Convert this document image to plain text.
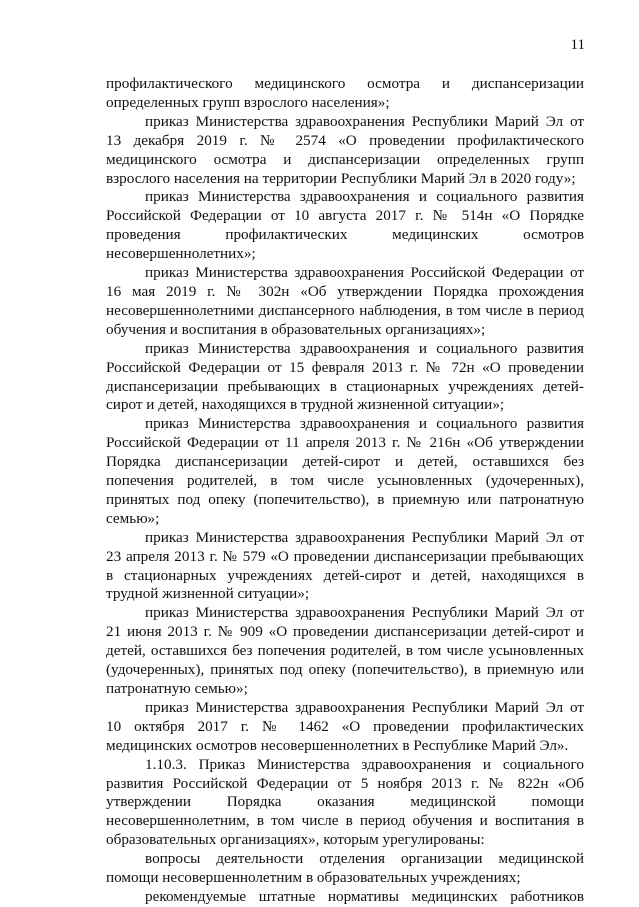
11

профилактического медицинского осмотра и диспансеризации определенных групп взрослого населения»;

приказ Министерства здравоохранения Республики Марий Эл от 13 декабря 2019 г. № 2574 «О проведении профилактического медицинского осмотра и диспансеризации определенных групп взрослого населения на территории Республики Марий Эл в 2020 году»;

приказ Министерства здравоохранения и социального развития Российской Федерации от 10 августа 2017 г. № 514н «О Порядке проведения профилактических медицинских осмотров несовершеннолетних»;

приказ Министерства здравоохранения Российской Федерации от 16 мая 2019 г. № 302н «Об утверждении Порядка прохождения несовершеннолетними диспансерного наблюдения, в том числе в период обучения и воспитания в образовательных организациях»;

приказ Министерства здравоохранения и социального развития Российской Федерации от 15 февраля 2013 г. № 72н «О проведении диспансеризации пребывающих в стационарных учреждениях детей-сирот и детей, находящихся в трудной жизненной ситуации»;

приказ Министерства здравоохранения и социального развития Российской Федерации от 11 апреля 2013 г. № 216н «Об утверждении Порядка диспансеризации детей-сирот и детей, оставшихся без попечения родителей, в том числе усыновленных (удочеренных), принятых под опеку (попечительство), в приемную или патронатную семью»;

приказ Министерства здравоохранения Республики Марий Эл от 23 апреля 2013 г. № 579 «О проведении диспансеризации пребывающих в стационарных учреждениях детей-сирот и детей, находящихся в трудной жизненной ситуации»;

приказ Министерства здравоохранения Республики Марий Эл от 21 июня 2013 г. № 909 «О проведении диспансеризации детей-сирот и детей, оставшихся без попечения родителей, в том числе усыновленных (удочеренных), принятых под опеку (попечительство), в приемную или патронатную семью»;

приказ Министерства здравоохранения Республики Марий Эл от 10 октября 2017 г. № 1462 «О проведении профилактических медицинских осмотров несовершеннолетних в Республике Марий Эл».

1.10.3. Приказ Министерства здравоохранения и социального развития Российской Федерации от 5 ноября 2013 г. № 822н «Об утверждении Порядка оказания медицинской помощи несовершеннолетним, в том числе в период обучения и воспитания в образовательных организациях», которым урегулированы:

вопросы деятельности отделения организации медицинской помощи несовершеннолетним в образовательных учреждениях;

рекомендуемые штатные нормативы медицинских работников
